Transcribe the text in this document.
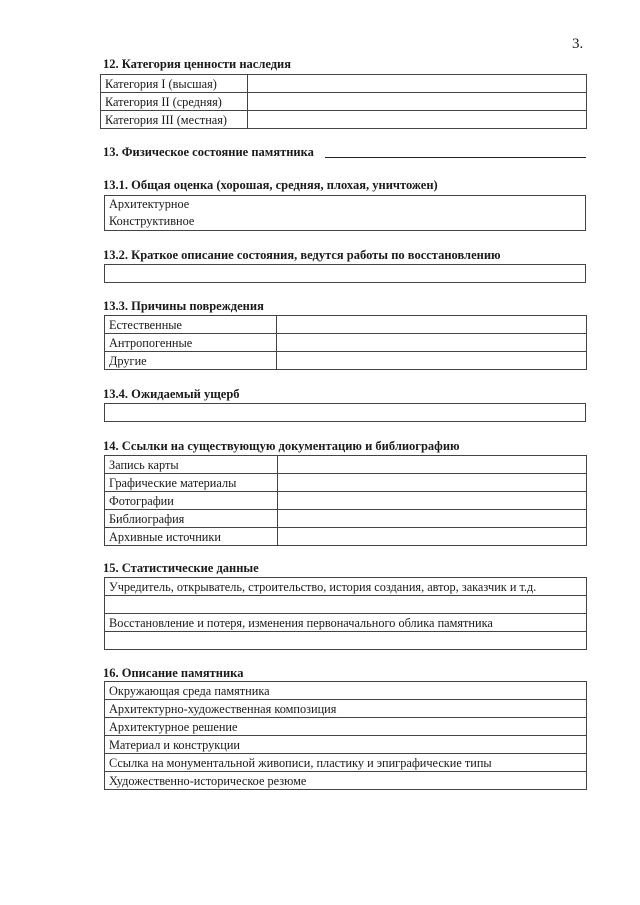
3.
12. Категория ценности наследия
Категория I (высшая)	
Категория II (средняя)	
Категория III (местная)	
13. Физическое состояние памятника
13.1. Общая оценка (хорошая, средняя, плохая, уничтожен)
Архитектурное
Конструктивное
13.2. Краткое описание состояния, ведутся работы по восстановлению
13.3. Причины повреждения
Естественные	
Антропогенные	
Другие	
13.4. Ожидаемый ущерб
14. Ссылки на существующую документацию и библиографию
Запись карты	
Графические материалы	
Фотографии	
Библиография	
Архивные источники	
15. Статистические данные
Учредитель, открыватель, строительство, история создания, автор, заказчик и т.д.

Восстановление и потеря, изменения первоначального облика памятника

16. Описание памятника
Окружающая среда памятника
Архитектурно-художественная композиция
Архитектурное решение
Материал и конструкции
Ссылка на монументальной живописи, пластику и эпиграфические типы
Художественно-историческое резюме
